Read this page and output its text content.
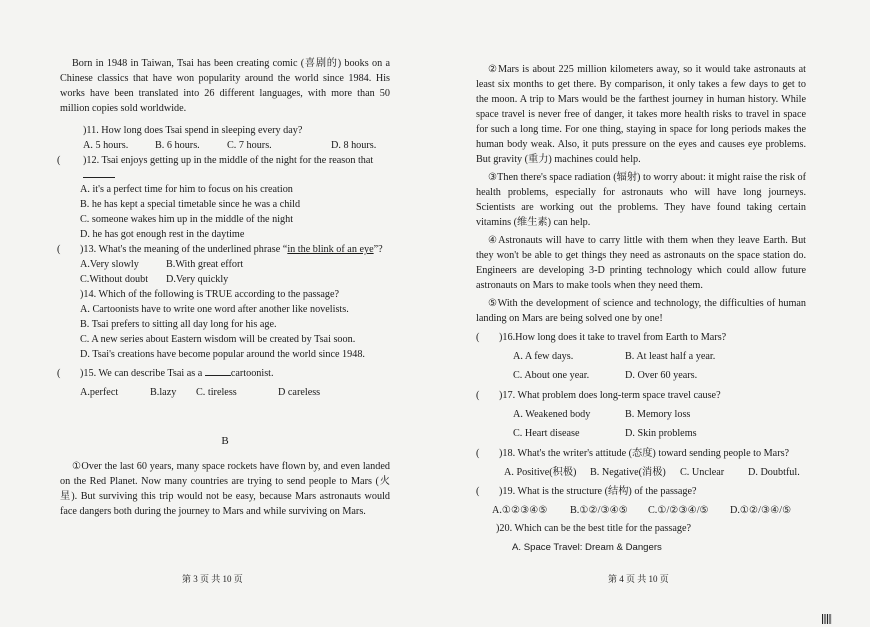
Born in 1948 in Taiwan, Tsai has been creating comic (喜剧的) books on a Chinese classics that have won popularity around the world since 1984. His works have been translated into 26 different languages, with more than 50 million copies sold worldwide.

)11. How long does Tsai spend in sleeping every day?
A. 5 hours.	B. 6 hours.	C. 7 hours.	D. 8 hours.
(	)12. Tsai enjoys getting up in the middle of the night for the reason that
A. it's a perfect time for him to focus on his creation
B. he has kept a special timetable since he was a child
C. someone wakes him up in the middle of the night
D. he has got enough rest in the daytime
(	)13. What's the meaning of the underlined phrase “in the blink of an eye”?
A.Very slowly	B.With great effort
C.Without doubt	D.Very quickly
)14. Which of the following is TRUE according to the passage?
A. Cartoonists have to write one word after another like novelists.
B. Tsai prefers to sitting all day long for his age.
C. A new series about Eastern wisdom will be created by Tsai soon.
D. Tsai's creations have become popular around the world since 1948.
(	)15. We can describe Tsai as a	cartoonist.
A.perfect	B.lazy	C. tireless	D careless
B

①Over the last 60 years, many space rockets have flown by, and even landed on the Red Planet. Now many countries are trying to send people to Mars (火星). But surviving this trip would not be easy, because Mars astronauts would face dangers both during the journey to Mars and while surviving on Mars.

第 3 页 共 10 页

②Mars is about 225 million kilometers away, so it would take astronauts at least six months to get there. By comparison, it only takes a few days to get to the moon. A trip to Mars would be the farthest journey in human history. While space travel is never free of danger, it takes more health risks to travel in space for such a long time. For one thing, staying in space for long periods makes the human body weak. Also, it puts pressure on the eyes and causes eye problems. But gravity (重力) machines could help.

③Then there's space radiation (辐射) to worry about: it might raise the risk of health problems, especially for astronauts who will have long journeys. Scientists are working out the problems. They have found taking certain vitamins (维生素) can help.

④Astronauts will have to carry little with them when they leave Earth. But they won't be able to get things they need as astronauts on the space station do. Engineers are developing 3-D printing technology which could allow future astronauts on Mars to make tools when they need them.

⑤With the development of science and technology, the difficulties of human landing on Mars are being solved one by one!

(	)16.How long does it take to travel from Earth to Mars?
A. A few days.	B. At least half a year.
C. About one year.	D. Over 60 years.
(	)17. What problem does long-term space travel cause?
A. Weakened body	B. Memory loss
C. Heart disease	D. Skin problems
(	)18. What's the writer's attitude (态度) toward sending people to Mars?
A. Positive(积极)	B. Negative(消极)	C. Unclear	D. Doubtful.
(	)19. What is the structure (结构) of the passage?
A.①②③④⑤	B.①②/③④⑤	C.①/②③④/⑤	D.①②/③④/⑤
)20. Which can be the best title for the passage?
A. Space Travel: Dream & Dangers
第 4 页 共 10 页
